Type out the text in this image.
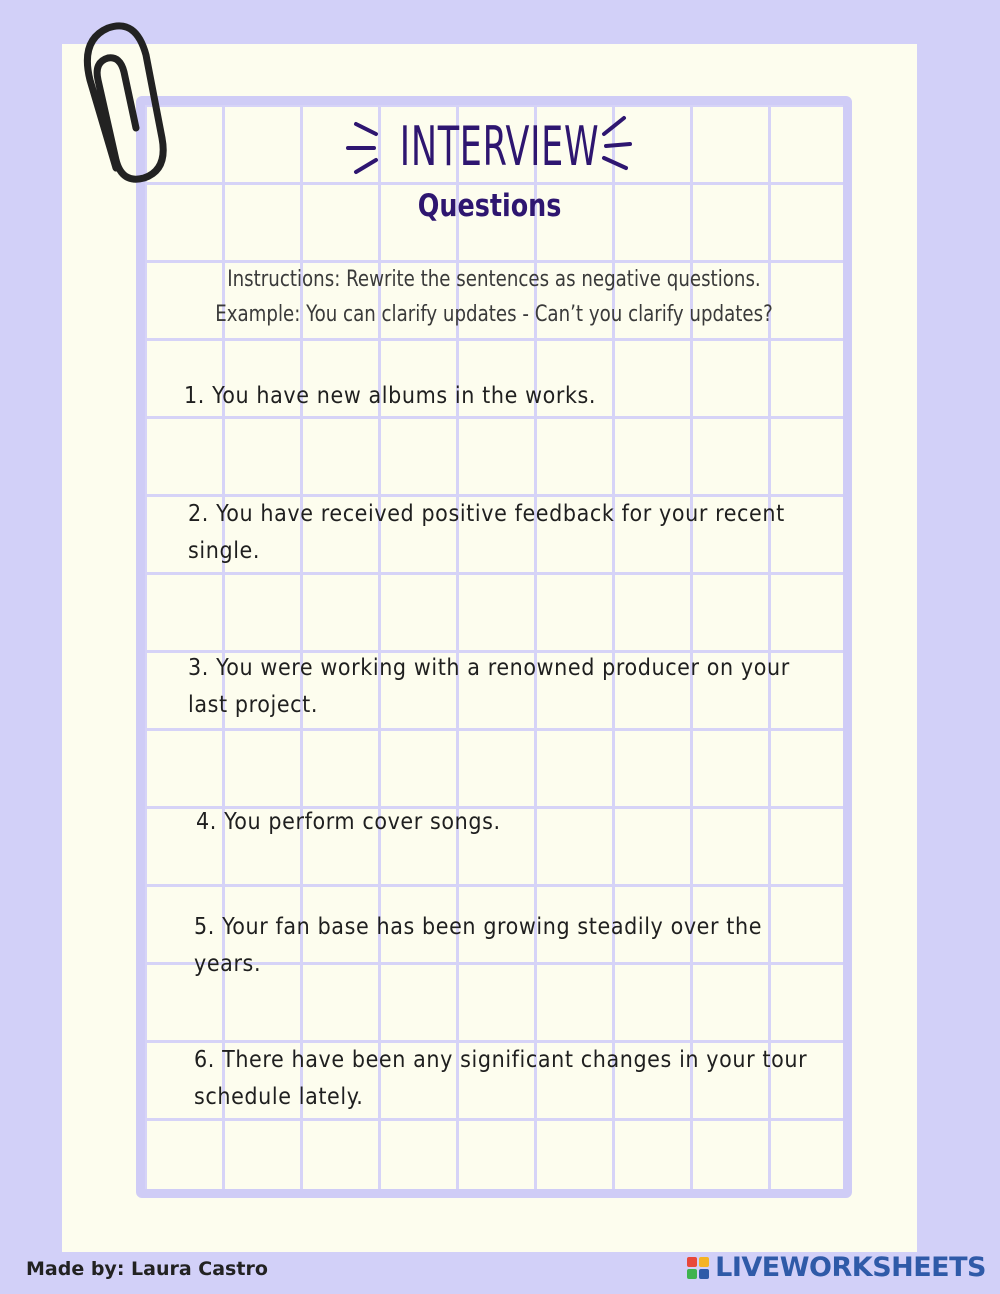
INTERVIEW
Questions
Instructions: Rewrite the sentences as negative questions.
Example: You can clarify updates - Can’t you clarify updates?
1. You have new albums in the works.
2. You have received positive feedback for your recent single.
3. You were working with a renowned producer on your last project.
4. You perform cover songs.
5. Your fan base has been growing steadily over the years.
6. There have been any significant changes in your tour schedule lately.
Made by: Laura Castro	LIVEWORKSHEETS
